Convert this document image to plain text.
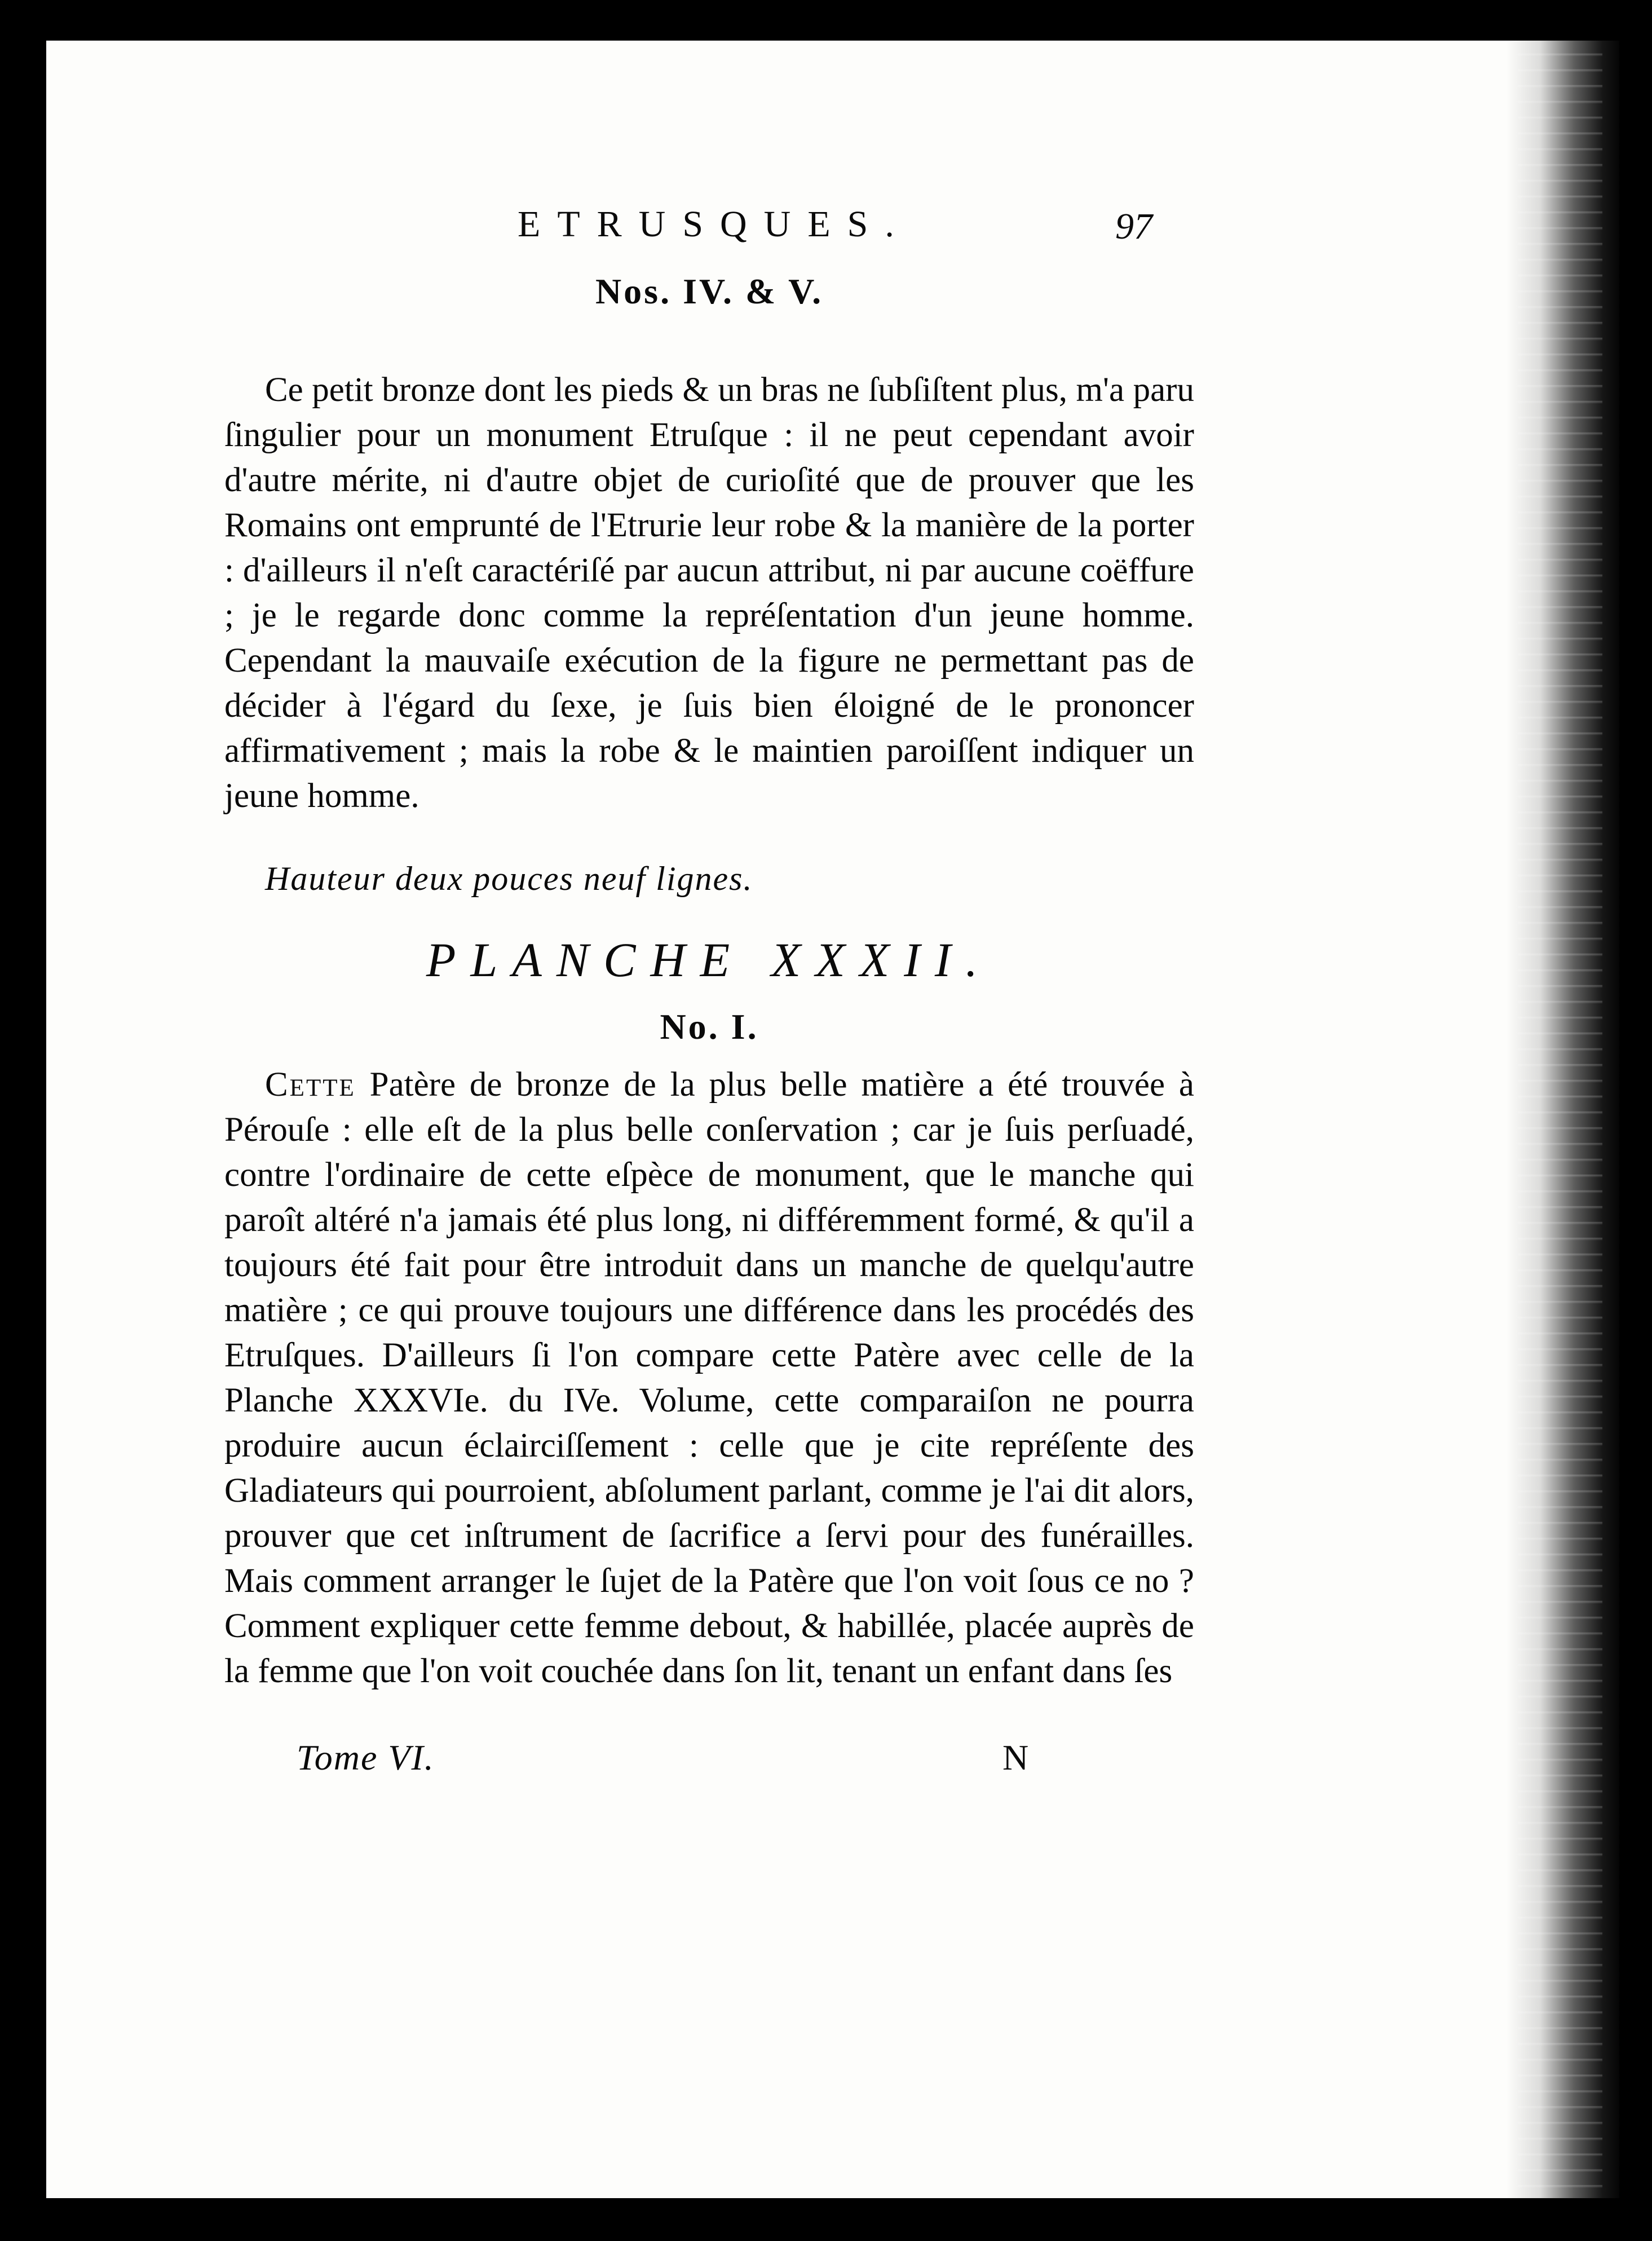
ETRUSQUES.	97
Nos. IV. & V.

Ce petit bronze dont les pieds & un bras ne ſubſiſtent plus, m'a paru ſingulier pour un monument Etruſque : il ne peut cependant avoir d'autre mérite, ni d'autre objet de curioſité que de prouver que les Romains ont emprunté de l'Etrurie leur robe & la manière de la porter : d'ailleurs il n'eſt caractériſé par aucun attribut, ni par aucune coëffure ; je le regarde donc comme la repréſentation d'un jeune homme. Cependant la mauvaiſe exécution de la figure ne permettant pas de décider à l'égard du ſexe, je ſuis bien éloigné de le prononcer affirmativement ; mais la robe & le maintien paroiſſent indiquer un jeune homme.

Hauteur deux pouces neuf lignes.
PLANCHE XXXII.
No. I.

Cette Patère de bronze de la plus belle matière a été trouvée à Pérouſe : elle eſt de la plus belle conſervation ; car je ſuis perſuadé, contre l'ordinaire de cette eſpèce de monument, que le manche qui paroît altéré n'a jamais été plus long, ni différemment formé, & qu'il a toujours été fait pour être introduit dans un manche de quelqu'autre matière ; ce qui prouve toujours une différence dans les procédés des Etruſques. D'ailleurs ſi l'on compare cette Patère avec celle de la Planche XXXVIe. du IVe. Volume, cette comparaiſon ne pourra produire aucun éclairciſſement : celle que je cite repréſente des Gladiateurs qui pourroient, abſolument parlant, comme je l'ai dit alors, prouver que cet inſtrument de ſacrifice a ſervi pour des funérailles. Mais comment arranger le ſujet de la Patère que l'on voit ſous ce no ? Comment expliquer cette femme debout, & habillée, placée auprès de la femme que l'on voit couchée dans ſon lit, tenant un enfant dans ſes

Tome VI.	N
